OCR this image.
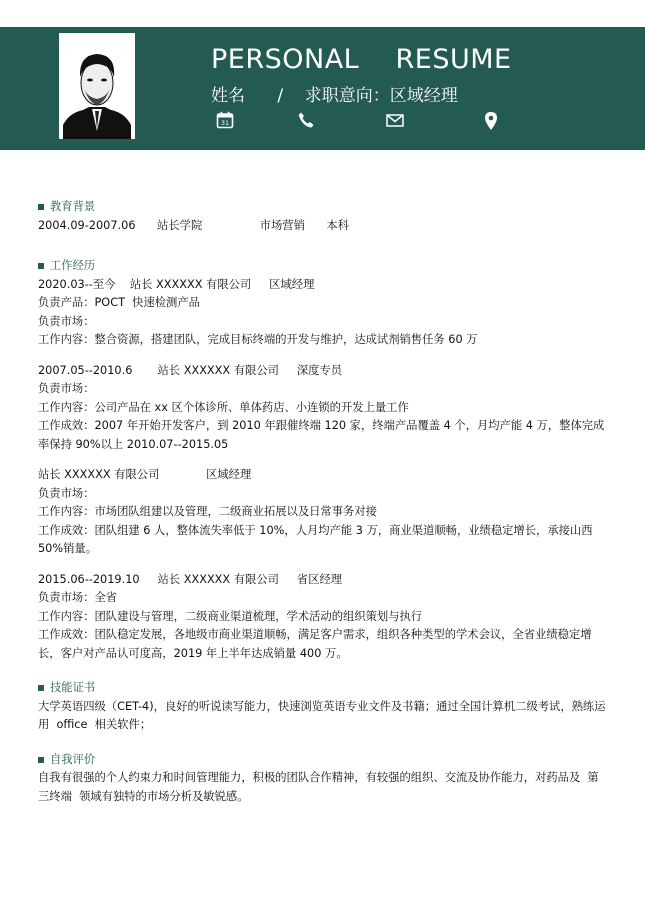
PERSONAL    RESUME
姓名      /    求职意向：区域经理
31
教育背景
2004.09-2007.06      站长学院                市场营销      本科
工作经历
2020.03--至今    站长 XXXXXX 有限公司     区域经理
负责产品：POCT  快速检测产品
负责市场：
工作内容：整合资源，搭建团队，完成目标终端的开发与维护，达成试剂销售任务 60 万
2007.05--2010.6       站长 XXXXXX 有限公司     深度专员
负责市场：
工作内容：公司产品在 xx 区个体诊所、单体药店、小连锁的开发上量工作
工作成效：2007 年开始开发客户，到 2010 年跟催终端 120 家，终端产品覆盖 4 个，月均产能 4 万，整体完成率保持 90%以上 2010.07--2015.05
站长 XXXXXX 有限公司             区域经理
负责市场：
工作内容：市场团队组建以及管理，二级商业拓展以及日常事务对接
工作成效：团队组建 6 人，整体流失率低于 10%，人月均产能 3 万，商业渠道顺畅，业绩稳定增长，承接山西 50%销量。
2015.06--2019.10     站长 XXXXXX 有限公司     省区经理
负责市场：全省
工作内容：团队建设与管理，二级商业渠道梳理，学术活动的组织策划与执行
工作成效：团队稳定发展，各地级市商业渠道顺畅，满足客户需求，组织各种类型的学术会议，全省业绩稳定增长，客户对产品认可度高，2019 年上半年达成销量 400 万。
技能证书
大学英语四级（CET-4)，良好的听说读写能力，快速浏览英语专业文件及书籍；通过全国计算机二级考试，熟练运用  office  相关软件；
自我评价
自我有很强的个人约束力和时间管理能力，积极的团队合作精神，有较强的组织、交流及协作能力，对药品及  第三终端  领域有独特的市场分析及敏锐感。
